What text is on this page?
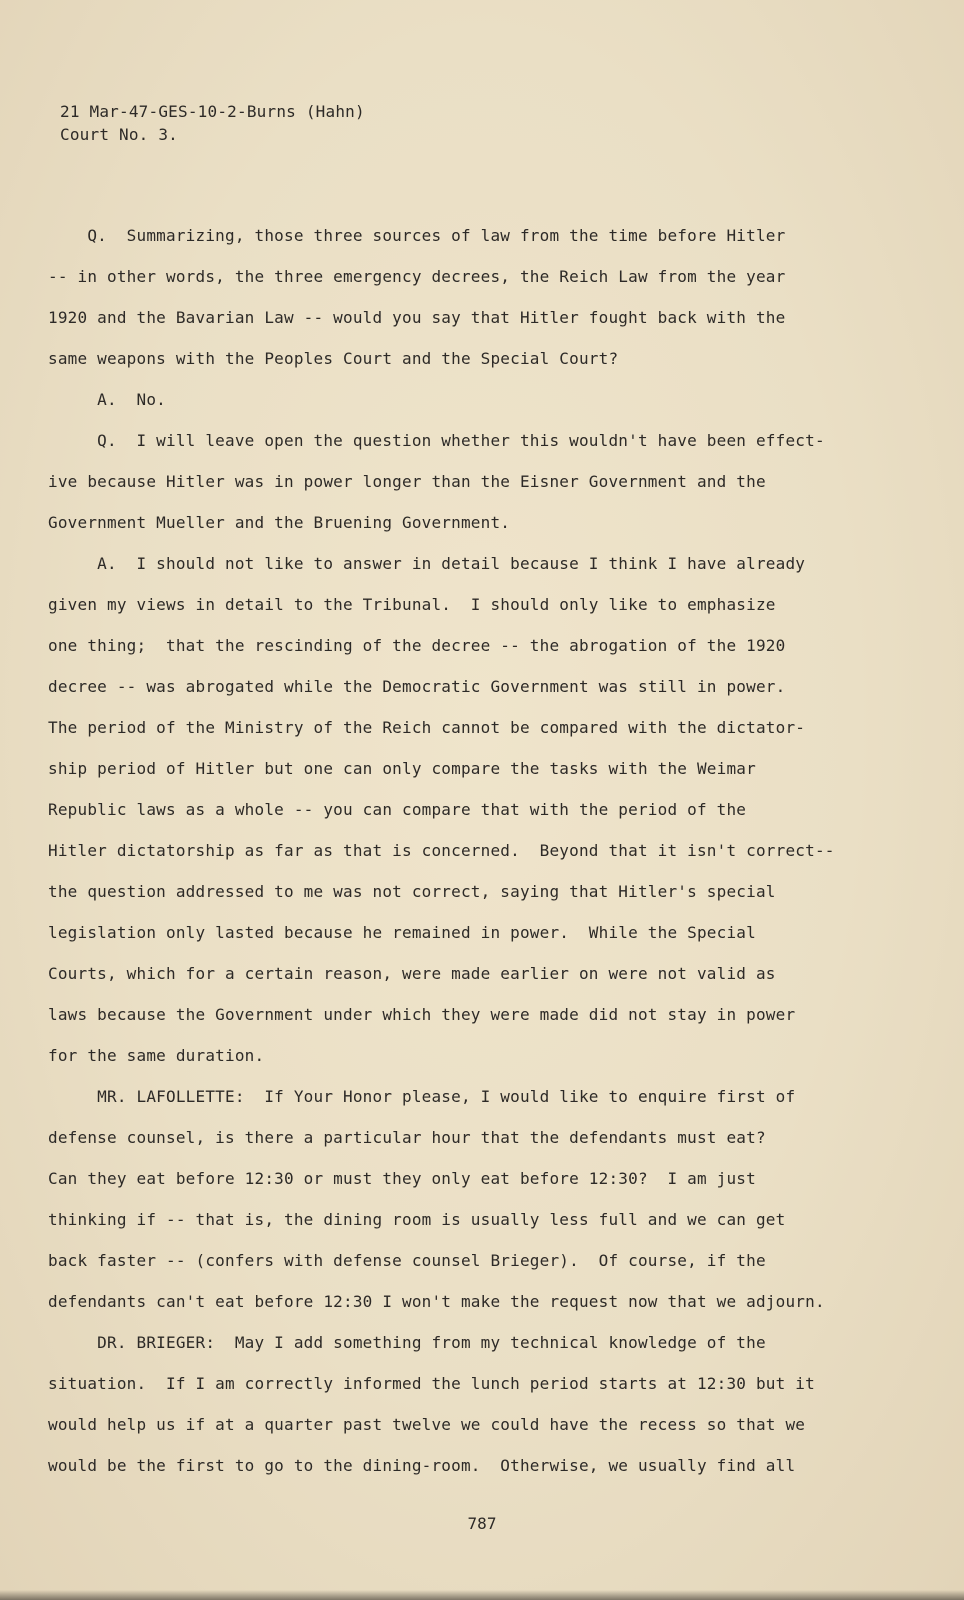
21 Mar-47-GES-10-2-Burns (Hahn)
Court No. 3.
Q.  Summarizing, those three sources of law from the time before Hitler
-- in other words, the three emergency decrees, the Reich Law from the year
1920 and the Bavarian Law -- would you say that Hitler fought back with the
same weapons with the Peoples Court and the Special Court?
A.  No.
Q.  I will leave open the question whether this wouldn't have been effect-
ive because Hitler was in power longer than the Eisner Government and the
Government Mueller and the Bruening Government.
A.  I should not like to answer in detail because I think I have already
given my views in detail to the Tribunal.  I should only like to emphasize
one thing;  that the rescinding of the decree -- the abrogation of the 1920
decree -- was abrogated while the Democratic Government was still in power.
The period of the Ministry of the Reich cannot be compared with the dictator-
ship period of Hitler but one can only compare the tasks with the Weimar
Republic laws as a whole -- you can compare that with the period of the
Hitler dictatorship as far as that is concerned.  Beyond that it isn't correct--
the question addressed to me was not correct, saying that Hitler's special
legislation only lasted because he remained in power.  While the Special
Courts, which for a certain reason, were made earlier on were not valid as
laws because the Government under which they were made did not stay in power
for the same duration.
MR. LAFOLLETTE:  If Your Honor please, I would like to enquire first of
defense counsel, is there a particular hour that the defendants must eat?
Can they eat before 12:30 or must they only eat before 12:30?  I am just
thinking if -- that is, the dining room is usually less full and we can get
back faster -- (confers with defense counsel Brieger).  Of course, if the
defendants can't eat before 12:30 I won't make the request now that we adjourn.
DR. BRIEGER:  May I add something from my technical knowledge of the
situation.  If I am correctly informed the lunch period starts at 12:30 but it
would help us if at a quarter past twelve we could have the recess so that we
would be the first to go to the dining-room.  Otherwise, we usually find all
787
